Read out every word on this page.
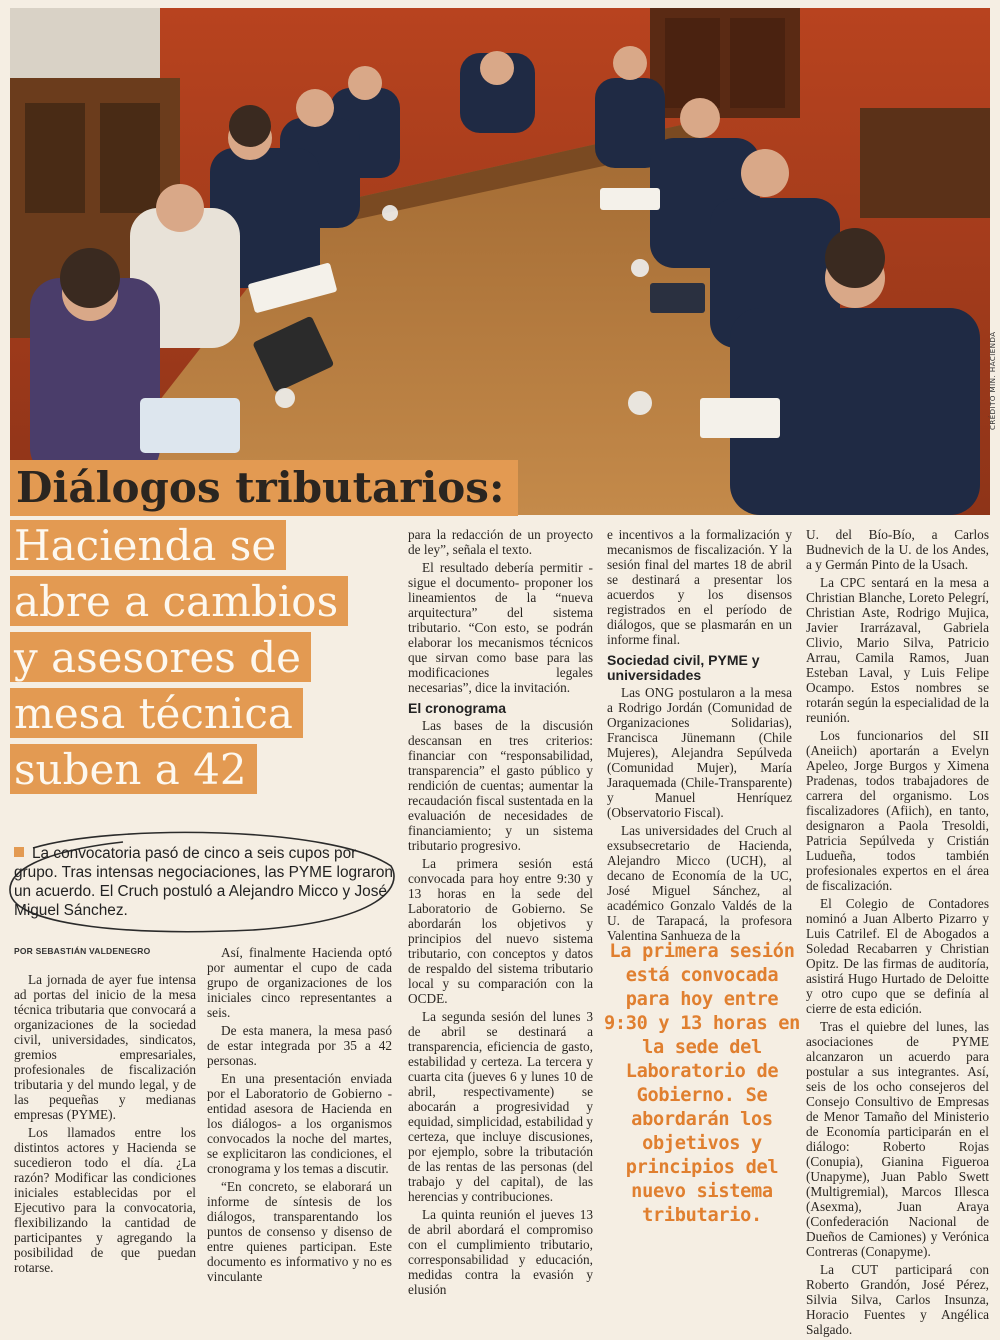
CRÉDITO MIN. HACIENDA
Diálogos tributarios:
Hacienda se
abre a cambios
y asesores de
mesa técnica
suben a 42
La convocatoria pasó de cinco a seis cupos por grupo. Tras intensas negociaciones, las PYME lograron un acuerdo. El Cruch postuló a Alejandro Micco y José Miguel Sánchez.
POR SEBASTIÁN VALDENEGRO

La jornada de ayer fue intensa ad portas del inicio de la mesa técnica tributaria que convocará a organizaciones de la sociedad civil, universidades, sindicatos, gremios empresariales, profesionales de fiscalización tributaria y del mundo legal, y de las pequeñas y medianas empresas (PYME).

Los llamados entre los distintos actores y Hacienda se sucedieron todo el día. ¿La razón? Modificar las condiciones iniciales establecidas por el Ejecutivo para la convocatoria, flexibilizando la cantidad de participantes y agregando la posibilidad de que puedan rotarse.

Así, finalmente Hacienda optó por aumentar el cupo de cada grupo de organizaciones de los iniciales cinco representantes a seis.

De esta manera, la mesa pasó de estar integrada por 35 a 42 personas.

En una presentación enviada por el Laboratorio de Gobierno -entidad asesora de Hacienda en los diálogos- a los organismos convocados la noche del martes, se explicitaron las condiciones, el cronograma y los temas a discutir.

“En concreto, se elaborará un informe de síntesis de los diálogos, transparentando los puntos de consenso y disenso de entre quienes participan. Este documento es informativo y no es vinculante

para la redacción de un proyecto de ley”, señala el texto.

El resultado debería permitir -sigue el documento- proponer los lineamientos de la “nueva arquitectura” del sistema tributario. “Con esto, se podrán elaborar los mecanismos técnicos que sirvan como base para las modificaciones legales necesarias”, dice la invitación.

El cronograma

Las bases de la discusión descansan en tres criterios: financiar con “responsabilidad, transparencia” el gasto público y rendición de cuentas; aumentar la recaudación fiscal sustentada en la evaluación de necesidades de financiamiento; y un sistema tributario progresivo.

La primera sesión está convocada para hoy entre 9:30 y 13 horas en la sede del Laboratorio de Gobierno. Se abordarán los objetivos y principios del nuevo sistema tributario, con conceptos y datos de respaldo del sistema tributario local y su comparación con la OCDE.

La segunda sesión del lunes 3 de abril se destinará a transparencia, eficiencia de gasto, estabilidad y certeza. La tercera y cuarta cita (jueves 6 y lunes 10 de abril, respectivamente) se abocarán a progresividad y equidad, simplicidad, estabilidad y certeza, que incluye discusiones, por ejemplo, sobre la tributación de las rentas de las personas (del trabajo y del capital), de las herencias y contribuciones.

La quinta reunión el jueves 13 de abril abordará el compromiso con el cumplimiento tributario, corresponsabilidad y educación, medidas contra la evasión y elusión

e incentivos a la formalización y mecanismos de fiscalización. Y la sesión final del martes 18 de abril se destinará a presentar los acuerdos y los disensos registrados en el período de diálogos, que se plasmarán en un informe final.

Sociedad civil, PYME y universidades

Las ONG postularon a la mesa a Rodrigo Jordán (Comunidad de Organizaciones Solidarias), Francisca Jünemann (Chile Mujeres), Alejandra Sepúlveda (Comunidad Mujer), María Jaraquemada (Chile-Transparente) y Manuel Henríquez (Observatorio Fiscal).

Las universidades del Cruch al exsubsecretario de Hacienda, Alejandro Micco (UCH), al decano de Economía de la UC, José Miguel Sánchez, al académico Gonzalo Valdés de la U. de Tarapacá, la profesora Valentina Sanhueza de la

La primera sesión está convocada para hoy entre 9:30 y 13 horas en la sede del Laboratorio de Gobierno. Se abordarán los objetivos y principios del nuevo sistema tributario.

U. del Bío-Bío, a Carlos Budnevich de la U. de los Andes, a y Germán Pinto de la Usach.

La CPC sentará en la mesa a Christian Blanche, Loreto Pelegrí, Christian Aste, Rodrigo Mujica, Javier Irarrázaval, Gabriela Clivio, Mario Silva, Patricio Arrau, Camila Ramos, Juan Esteban Laval, y Luis Felipe Ocampo. Estos nombres se rotarán según la especialidad de la reunión.

Los funcionarios del SII (Aneiich) aportarán a Evelyn Apeleo, Jorge Burgos y Ximena Pradenas, todos trabajadores de carrera del organismo. Los fiscalizadores (Afiich), en tanto, designaron a Paola Tresoldi, Patricia Sepúlveda y Cristián Ludueña, todos también profesionales expertos en el área de fiscalización.

El Colegio de Contadores nominó a Juan Alberto Pizarro y Luis Catrilef. El de Abogados a Soledad Recabarren y Christian Opitz. De las firmas de auditoría, asistirá Hugo Hurtado de Deloitte y otro cupo que se definía al cierre de esta edición.

Tras el quiebre del lunes, las asociaciones de PYME alcanzaron un acuerdo para postular a sus integrantes. Así, seis de los ocho consejeros del Consejo Consultivo de Empresas de Menor Tamaño del Ministerio de Economía participarán en el diálogo: Roberto Rojas (Conupia), Gianina Figueroa (Unapyme), Juan Pablo Swett (Multigremial), Marcos Illesca (Asexma), Juan Araya (Confederación Nacional de Dueños de Camiones) y Verónica Contreras (Conapyme).

La CUT participará con Roberto Grandón, José Pérez, Silvia Silva, Carlos Insunza, Horacio Fuentes y Angélica Salgado.
